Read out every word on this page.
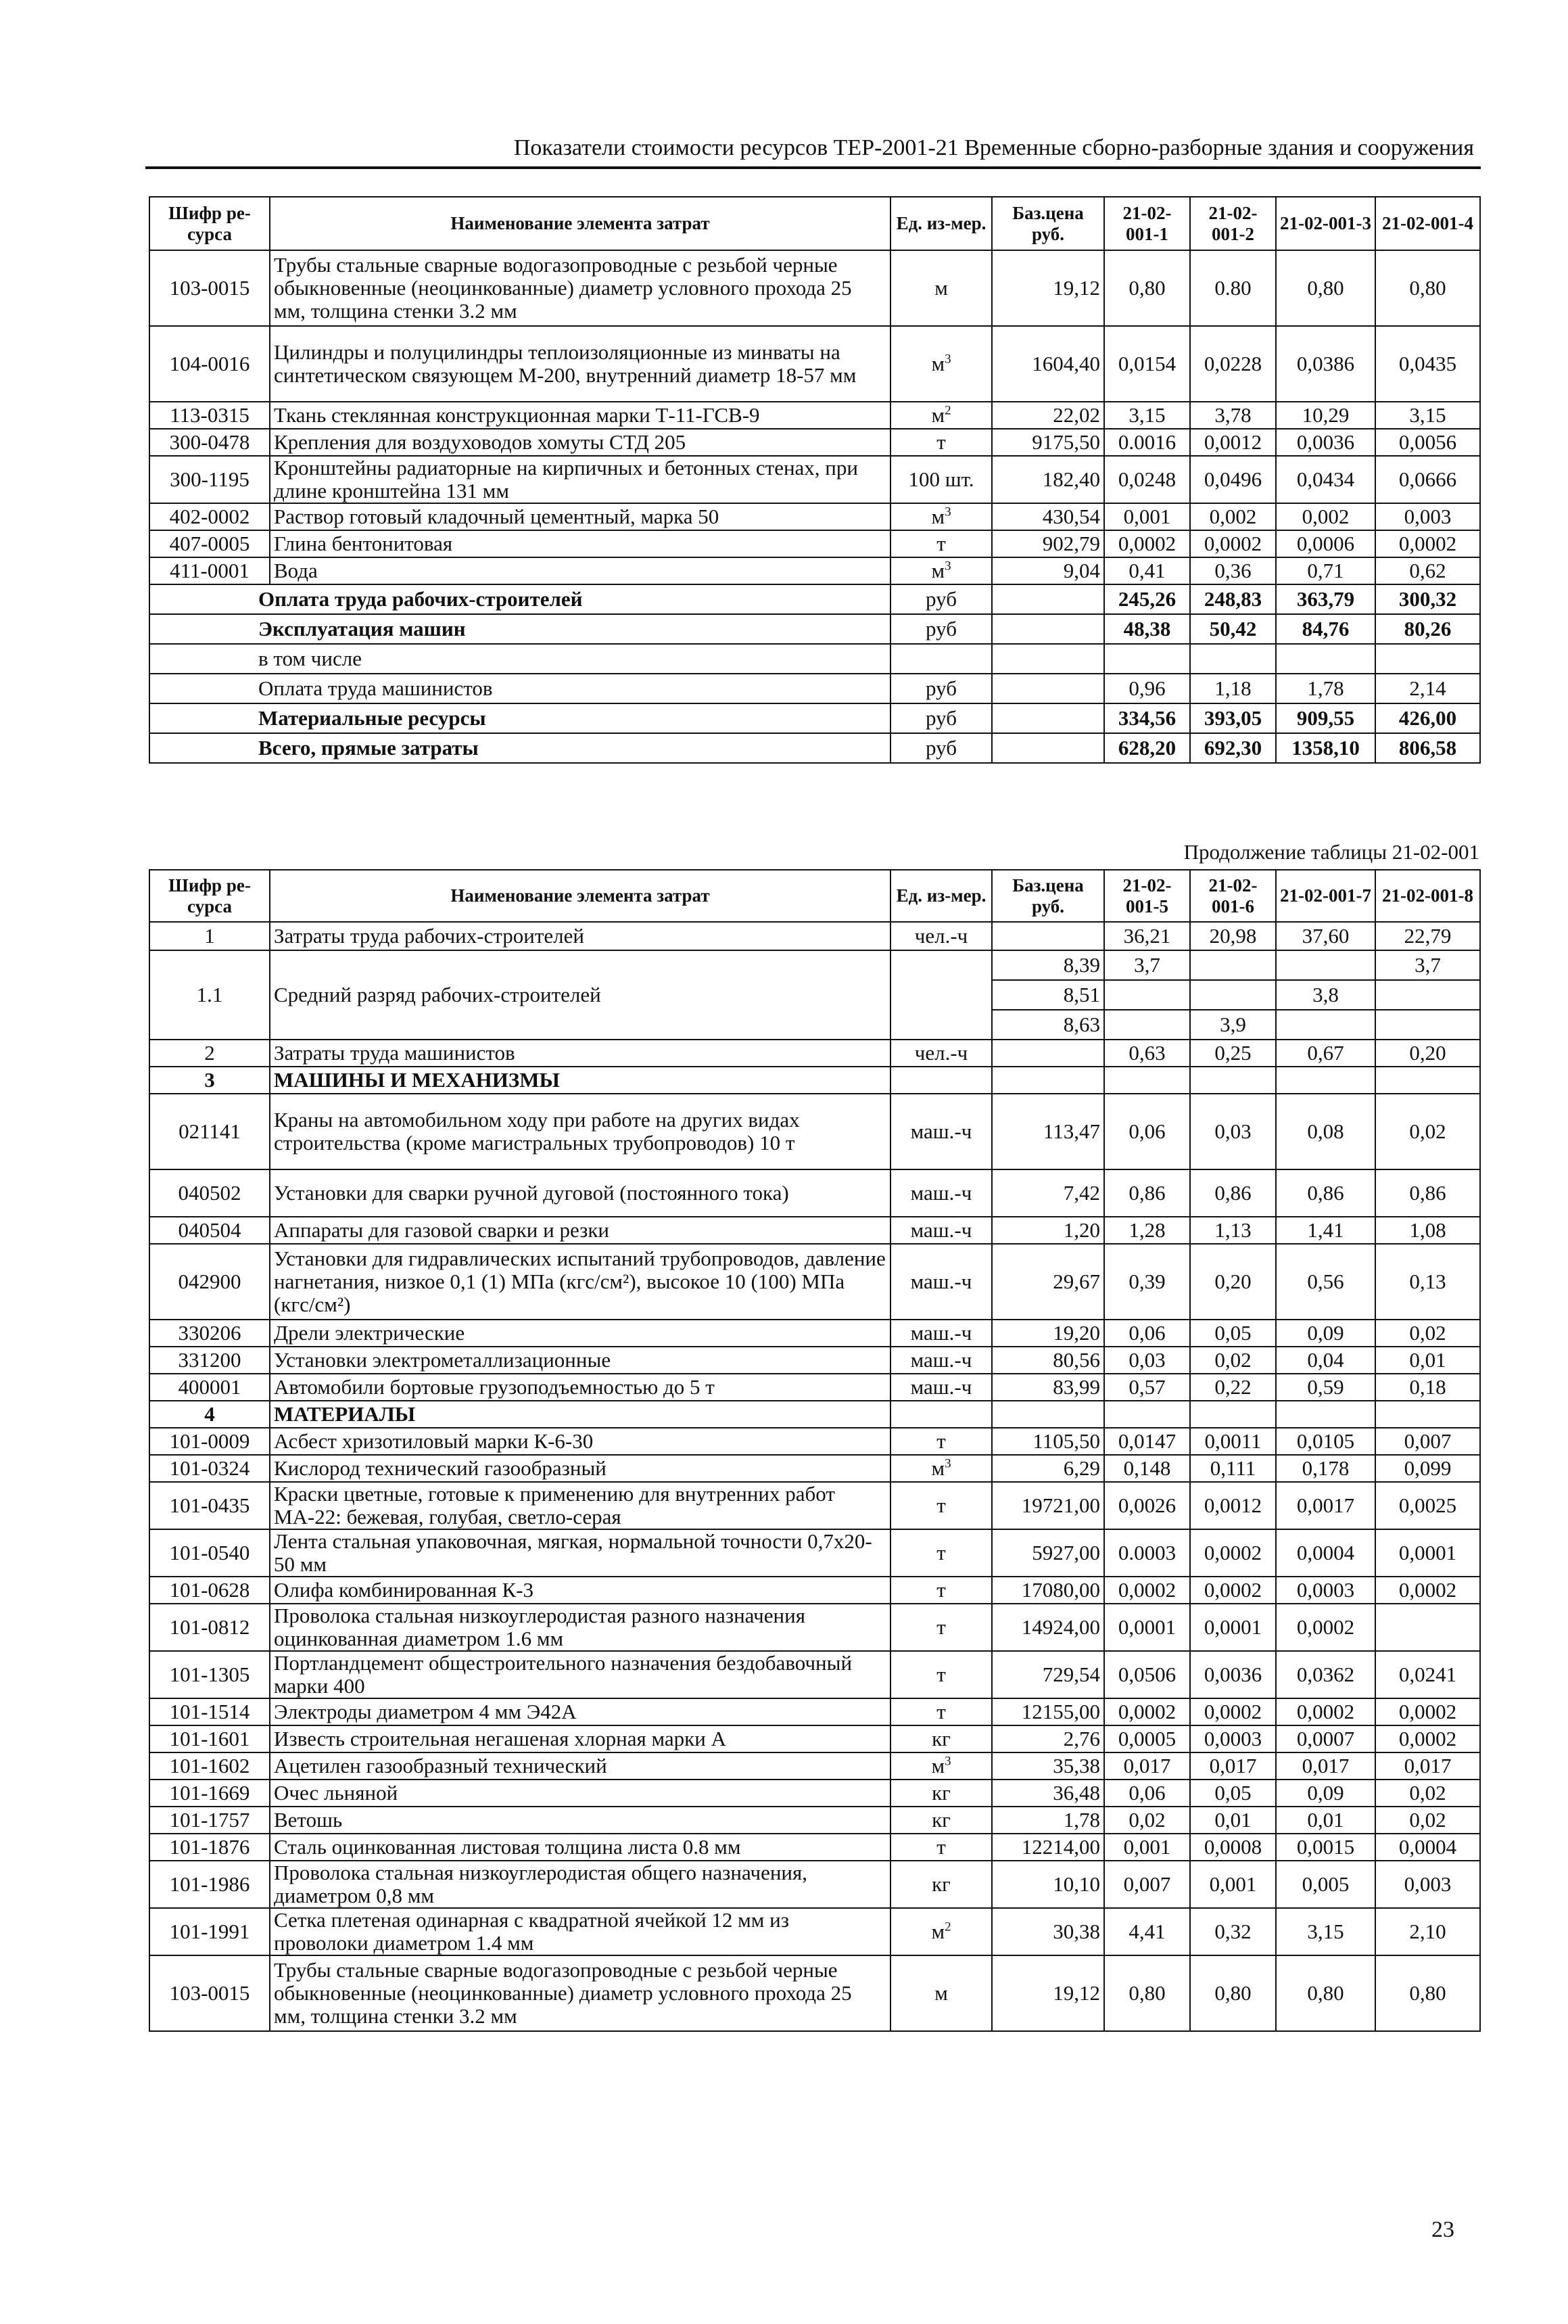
Показатели стоимости ресурсов ТЕР-2001-21 Временные сборно-разборные здания и сооружения
Шифр ре-сурса	Наименование элемента затрат	Ед. из-мер.	Баз.цена руб.	21-02-001-1	21-02-001-2	21-02-001-3	21-02-001-4
103-0015	Трубы стальные сварные водогазопроводные с резьбой черные обыкновенные (неоцинкованные) диаметр условного прохода 25 мм, толщина стенки 3.2 мм	м	19,12	0,80	0.80	0,80	0,80
104-0016	Цилиндры и полуцилиндры теплоизоляционные из минваты на синтетическом связующем М-200, внутренний диаметр 18-57 мм	$м^3$	1604,40	0,0154	0,0228	0,0386	0,0435
113-0315	Ткань стеклянная конструкционная марки Т-11-ГСВ-9	$м^2$	22,02	3,15	3,78	10,29	3,15
300-0478	Крепления для воздуховодов хомуты СТД 205	т	9175,50	0.0016	0,0012	0,0036	0,0056
300-1195	Кронштейны радиаторные на кирпичных и бетонных стенах, при длине кронштейна 131 мм	100 шт.	182,40	0,0248	0,0496	0,0434	0,0666
402-0002	Раствор готовый кладочный цементный, марка 50	$м^3$	430,54	0,001	0,002	0,002	0,003
407-0005	Глина бентонитовая	т	902,79	0,0002	0,0002	0,0006	0,0002
411-0001	Вода	$м^3$	9,04	0,41	0,36	0,71	0,62
Оплата труда рабочих-строителей		руб		245,26	248,83	363,79	300,32
Эксплуатация машин		руб		48,38	50,42	84,76	80,26
в том числе							
Оплата труда машинистов		руб		0,96	1,18	1,78	2,14
Материальные ресурсы		руб		334,56	393,05	909,55	426,00
Всего, прямые затраты		руб		628,20	692,30	1358,10	806,58
Продолжение таблицы 21-02-001
Шифр ре-сурса	Наименование элемента затрат	Ед. из-мер.	Баз.цена руб.	21-02-001-5	21-02-001-6	21-02-001-7	21-02-001-8
1	Затраты труда рабочих-строителей	чел.-ч		36,21	20,98	37,60	22,79
1.1	Средний разряд рабочих-строителей		8,39	3,7			3,7
			8,51			3,8	
			8,63		3,9		
2	Затраты труда машинистов	чел.-ч		0,63	0,25	0,67	0,20
3	МАШИНЫ И МЕХАНИЗМЫ						
021141	Краны на автомобильном ходу при работе на других видах строительства (кроме магистральных трубопроводов) 10 т	маш.-ч	113,47	0,06	0,03	0,08	0,02
040502	Установки для сварки ручной дуговой (постоянного тока)	маш.-ч	7,42	0,86	0,86	0,86	0,86
040504	Аппараты для газовой сварки и резки	маш.-ч	1,20	1,28	1,13	1,41	1,08
042900	Установки для гидравлических испытаний трубопроводов, давление нагнетания, низкое 0,1 (1) МПа (кгс/см²), высокое 10 (100) МПа (кгс/см²)	маш.-ч	29,67	0,39	0,20	0,56	0,13
330206	Дрели электрические	маш.-ч	19,20	0,06	0,05	0,09	0,02
331200	Установки электрометаллизационные	маш.-ч	80,56	0,03	0,02	0,04	0,01
400001	Автомобили бортовые грузоподъемностью до 5 т	маш.-ч	83,99	0,57	0,22	0,59	0,18
4	МАТЕРИАЛЫ						
101-0009	Асбест хризотиловый марки К-6-30	т	1105,50	0,0147	0,0011	0,0105	0,007
101-0324	Кислород технический газообразный	$м^3$	6,29	0,148	0,111	0,178	0,099
101-0435	Краски цветные, готовые к применению для внутренних работ МА-22: бежевая, голубая, светло-серая	т	19721,00	0,0026	0,0012	0,0017	0,0025
101-0540	Лента стальная упаковочная, мягкая, нормальной точности 0,7х20-50 мм	т	5927,00	0.0003	0,0002	0,0004	0,0001
101-0628	Олифа комбинированная К-3	т	17080,00	0,0002	0,0002	0,0003	0,0002
101-0812	Проволока стальная низкоуглеродистая разного назначения оцинкованная диаметром 1.6 мм	т	14924,00	0,0001	0,0001	0,0002	
101-1305	Портландцемент общестроительного назначения бездобавочный марки 400	т	729,54	0,0506	0,0036	0,0362	0,0241
101-1514	Электроды диаметром 4 мм Э42А	т	12155,00	0,0002	0,0002	0,0002	0,0002
101-1601	Известь строительная негашеная хлорная марки А	кг	2,76	0,0005	0,0003	0,0007	0,0002
101-1602	Ацетилен газообразный технический	$м^3$	35,38	0,017	0,017	0,017	0,017
101-1669	Очес льняной	кг	36,48	0,06	0,05	0,09	0,02
101-1757	Ветошь	кг	1,78	0,02	0,01	0,01	0,02
101-1876	Сталь оцинкованная листовая толщина листа 0.8 мм	т	12214,00	0,001	0,0008	0,0015	0,0004
101-1986	Проволока стальная низкоуглеродистая общего назначения, диаметром 0,8 мм	кг	10,10	0,007	0,001	0,005	0,003
101-1991	Сетка плетеная одинарная с квадратной ячейкой 12 мм из проволоки диаметром 1.4 мм	$м^2$	30,38	4,41	0,32	3,15	2,10
103-0015	Трубы стальные сварные водогазопроводные с резьбой черные обыкновенные (неоцинкованные) диаметр условного прохода 25 мм, толщина стенки 3.2 мм	м	19,12	0,80	0,80	0,80	0,80
23
